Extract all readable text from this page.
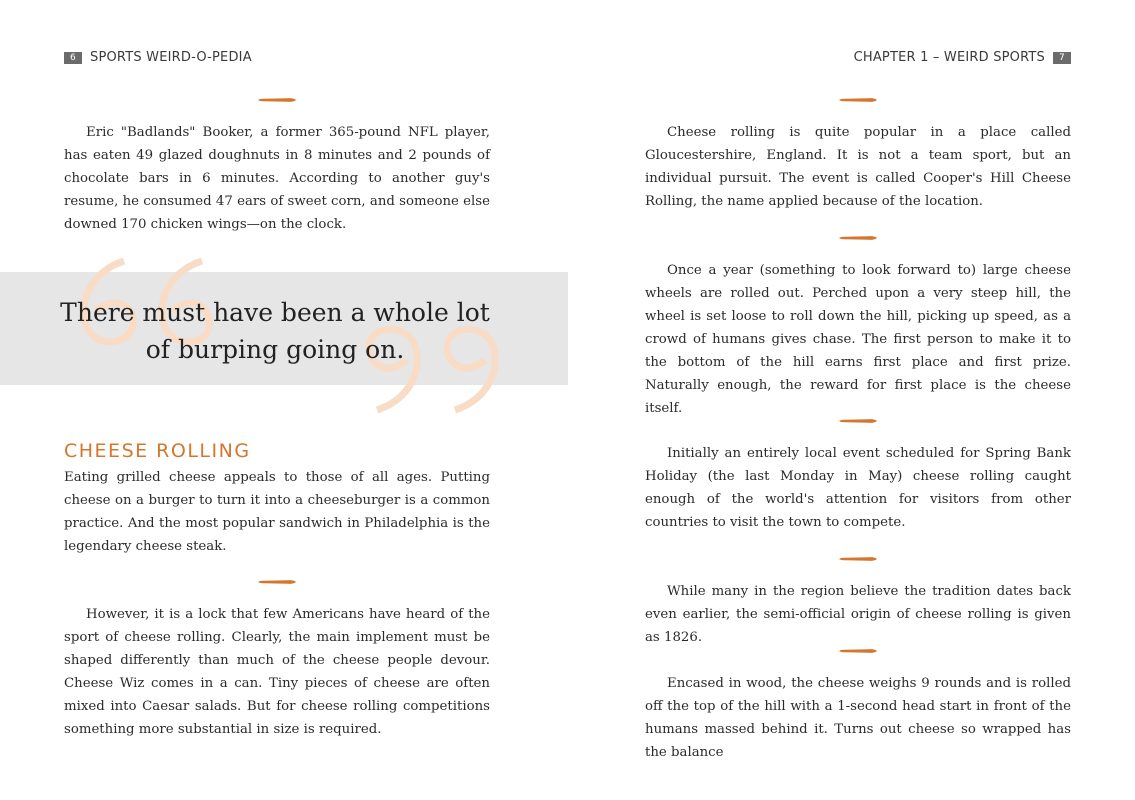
6	SPORTS WEIRD-O-PEDIA

Eric "Badlands" Booker, a former 365-pound NFL player, has eaten 49 glazed doughnuts in 8 minutes and 2 pounds of chocolate bars in 6 minutes. According to another guy's resume, he consumed 47 ears of sweet corn, and someone else downed 170 chicken wings—on the clock.

There must have been a whole lot of burping going on.
CHEESE ROLLING

Eating grilled cheese appeals to those of all ages. Putting cheese on a burger to turn it into a cheeseburger is a common practice. And the most popular sandwich in Philadelphia is the legendary cheese steak.

However, it is a lock that few Americans have heard of the sport of cheese rolling. Clearly, the main implement must be shaped differently than much of the cheese people devour. Cheese Wiz comes in a can. Tiny pieces of cheese are often mixed into Caesar salads. But for cheese rolling competitions something more substantial in size is required.

CHAPTER 1 – WEIRD SPORTS	7

Cheese rolling is quite popular in a place called Gloucestershire, England. It is not a team sport, but an individual pursuit. The event is called Cooper's Hill Cheese Rolling, the name applied because of the location.

Once a year (something to look forward to) large cheese wheels are rolled out. Perched upon a very steep hill, the wheel is set loose to roll down the hill, picking up speed, as a crowd of humans gives chase. The first person to make it to the bottom of the hill earns first place and first prize. Naturally enough, the reward for first place is the cheese itself.

Initially an entirely local event scheduled for Spring Bank Holiday (the last Monday in May) cheese rolling caught enough of the world's attention for visitors from other countries to visit the town to compete.

While many in the region believe the tradition dates back even earlier, the semi-official origin of cheese rolling is given as 1826.

Encased in wood, the cheese weighs 9 rounds and is rolled off the top of the hill with a 1-second head start in front of the humans massed behind it. Turns out cheese so wrapped has the balance
